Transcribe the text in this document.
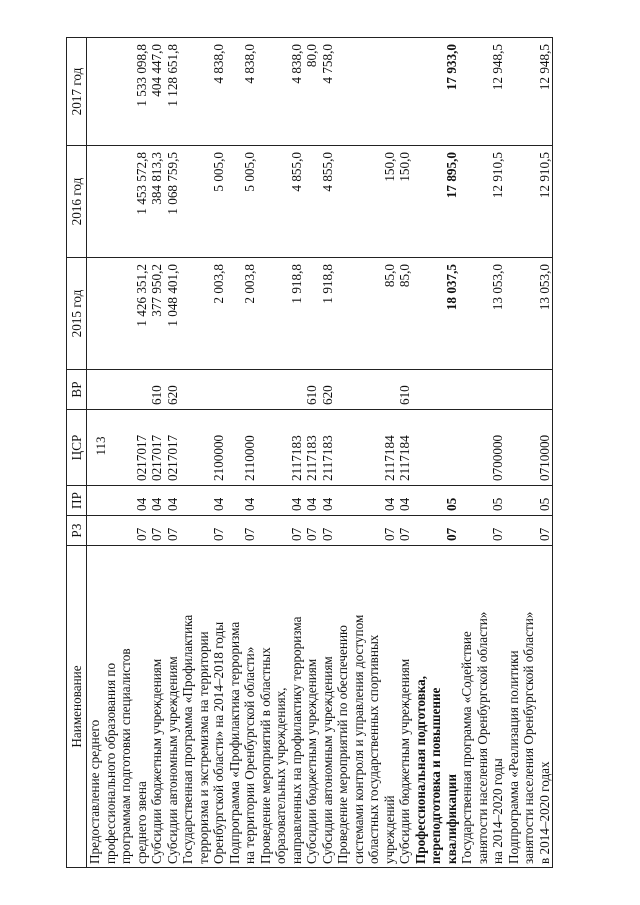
113
Наименование	РЗ	ПР	ЦСР	ВР	2015 год	2016 год	2017 год

Предоставление среднего профессионального образования по программам подготовки специалистов среднего звена	07	04	0217017		1 426 351,2	1 453 572,8	1 533 098,8

Субсидии бюджетным учреждениям	07	04	0217017	610	377 950,2	384 813,3	404 447,0

Субсидии автономным учреждениям	07	04	0217017	620	1 048 401,0	1 068 759,5	1 128 651,8

Государственная программа «Профилактика терроризма и экстремизма на территории Оренбургской области» на 2014–2018 годы	07	04	2100000		2 003,8	5 005,0	4 838,0

Подпрограмма «Профилактика терроризма на территории Оренбургской области»	07	04	2110000		2 003,8	5 005,0	4 838,0

Проведение мероприятий в областных образовательных учреждениях, направленных на профилактику терроризма	07	04	2117183		1 918,8	4 855,0	4 838,0

Субсидии бюджетным учреждениям	07	04	2117183	610			80,0

Субсидии автономным учреждениям	07	04	2117183	620	1 918,8	4 855,0	4 758,0

Проведение мероприятий по обеспечению системами контроля и управления доступом областных государственных спортивных учреждений	07	04	2117184		85,0	150,0	

Субсидии бюджетным учреждениям	07	04	2117184	610	85,0	150,0	

Профессиональная подготовка, переподготовка и повышение квалификации	07	05			18 037,5	17 895,0	17 933,0

Государственная программа «Содействие занятости населения Оренбургской области» на 2014–2020 годы	07	05	0700000		13 053,0	12 910,5	12 948,5

Подпрограмма «Реализация политики занятости населения Оренбургской области» в 2014–2020 годах	07	05	0710000		13 053,0	12 910,5	12 948,5
